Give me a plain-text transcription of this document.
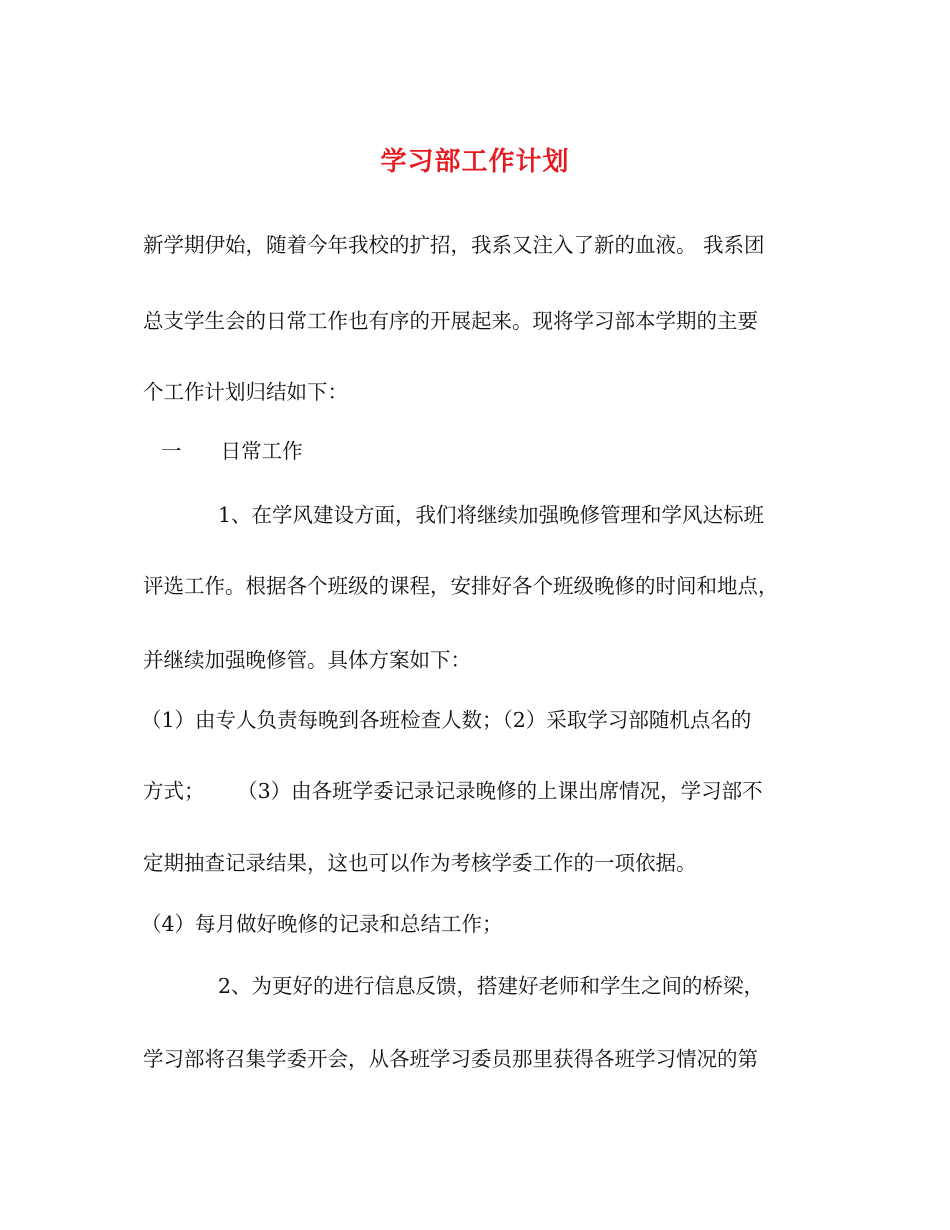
学习部工作计划
新学期伊始，随着今年我校的扩招，我系又注入了新的血液。 我系团
总支学生会的日常工作也有序的开展起来。现将学习部本学期的主要
个工作计划归结如下：
一      日常工作
1、在学风建设方面，我们将继续加强晚修管理和学风达标班
评选工作。根据各个班级的课程，安排好各个班级晚修的时间和地点，
并继续加强晚修管。具体方案如下：
（1）由专人负责每晚到各班检查人数；（2）采取学习部随机点名的
方式；     （3）由各班学委记录记录晚修的上课出席情况，学习部不
定期抽查记录结果，这也可以作为考核学委工作的一项依据。
（4）每月做好晚修的记录和总结工作；
2、为更好的进行信息反馈，搭建好老师和学生之间的桥梁，
学习部将召集学委开会，从各班学习委员那里获得各班学习情况的第
